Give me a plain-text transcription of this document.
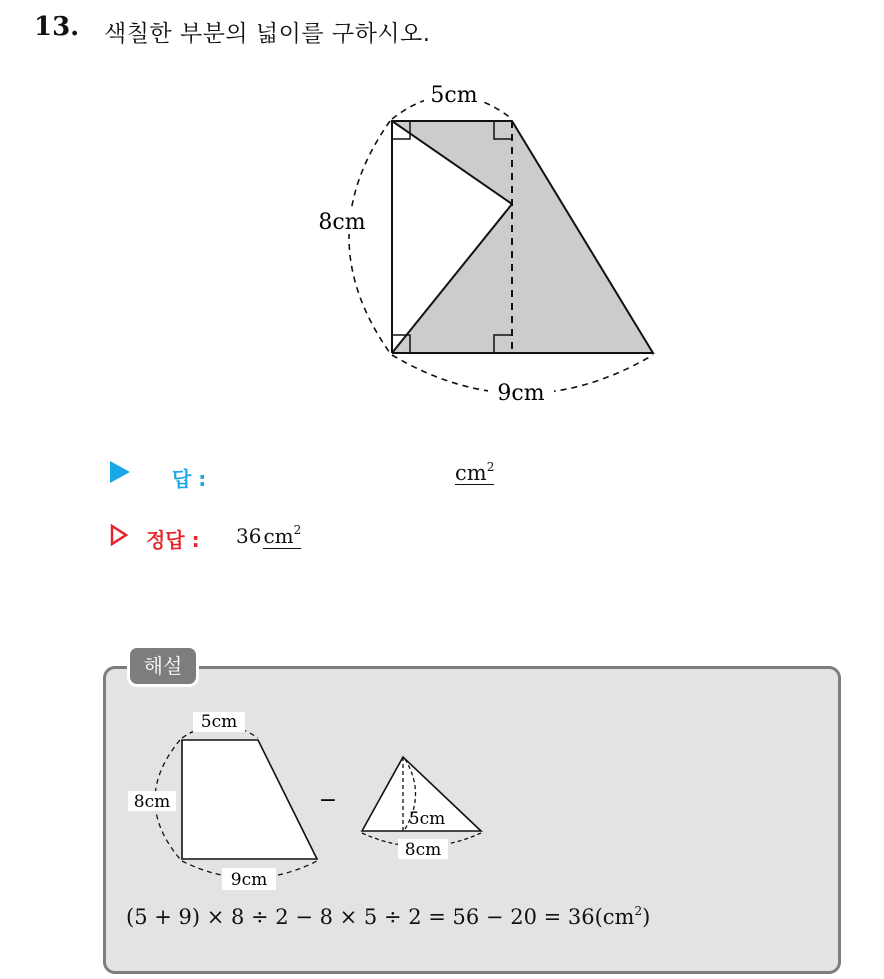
13. 색칠한 부분의 넓이를 구하시오.
5cm
8cm
9cm
답 :	$cm^2$
정답 : 36 $cm^2$
해설
5cm
8cm
9cm
−
5cm
8cm
$(5 + 9) \times 8 \div 2 - 8 \times 5 \div 2 = 56 - 20 = 36(cm^2)$
